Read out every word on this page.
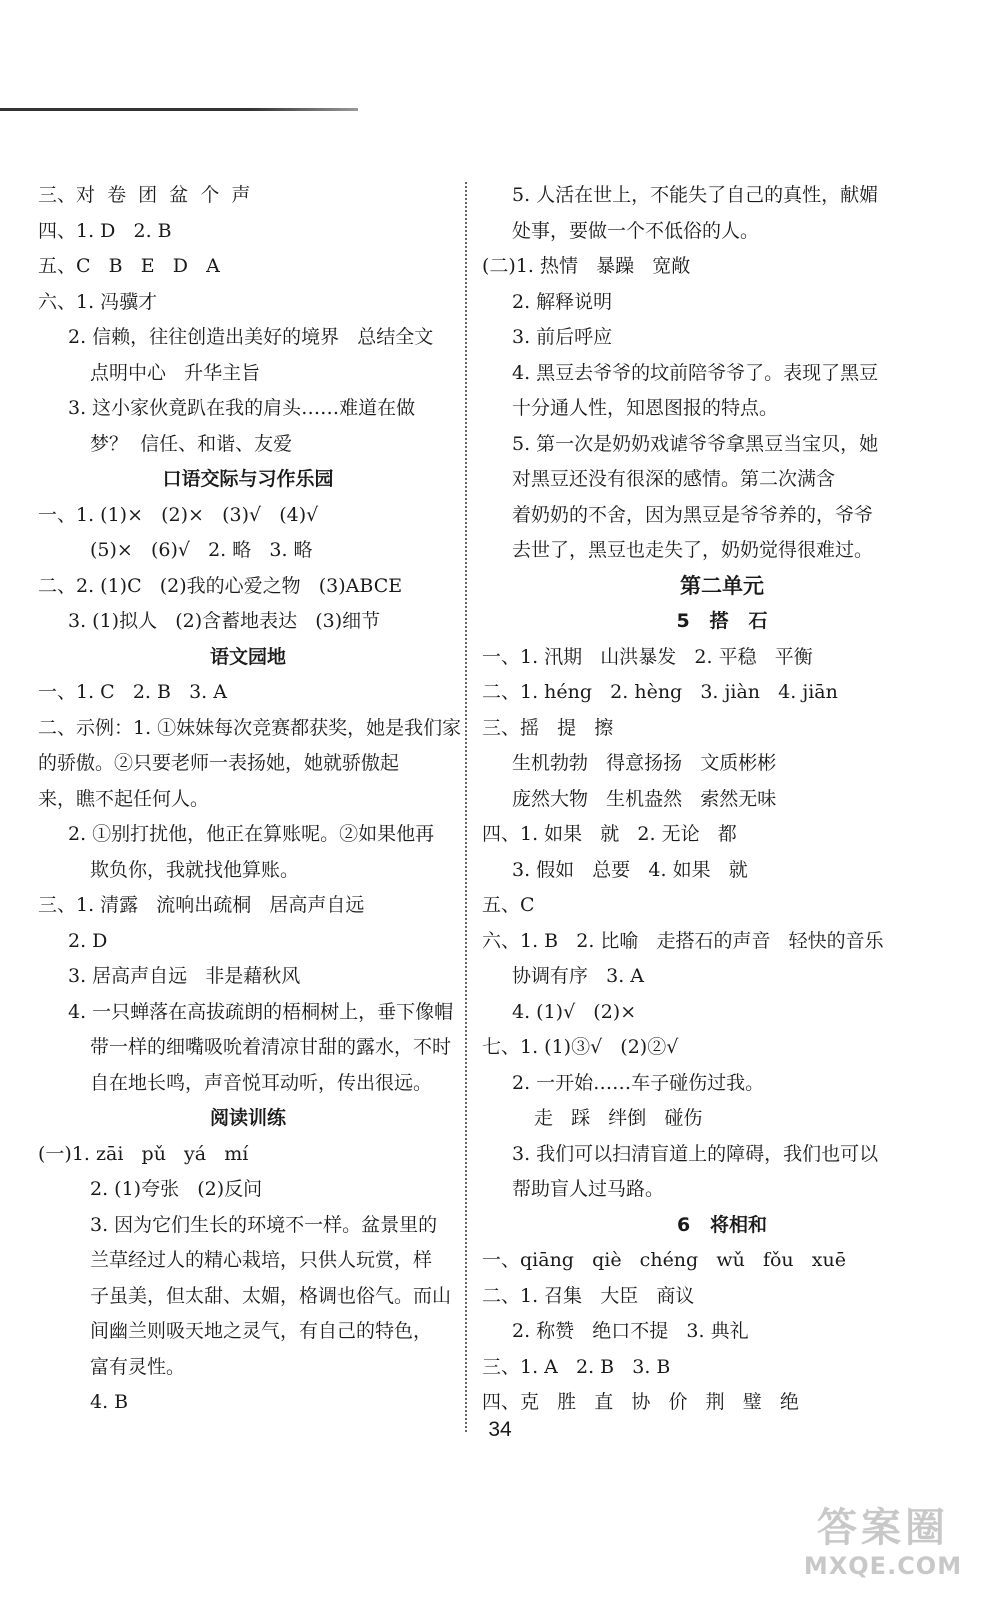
三、对  卷  团  盆  个  声
四、1. D   2. B
五、C   B   E   D   A
六、1. 冯骥才
2. 信赖，往往创造出美好的境界   总结全文
点明中心   升华主旨
3. 这小家伙竟趴在我的肩头……难道在做
梦？  信任、和谐、友爱
口语交际与习作乐园
一、1. (1)×   (2)×   (3)√   (4)√
(5)×   (6)√   2. 略   3. 略
二、2. (1)C   (2)我的心爱之物   (3)ABCE
3. (1)拟人   (2)含蓄地表达   (3)细节
语文园地
一、1. C   2. B   3. A
二、示例：1. ①妹妹每次竞赛都获奖，她是我们家
的骄傲。②只要老师一表扬她，她就骄傲起
来，瞧不起任何人。
2. ①别打扰他，他正在算账呢。②如果他再
欺负你，我就找他算账。
三、1. 清露   流响出疏桐   居高声自远
2. D
3. 居高声自远   非是藉秋风
4. 一只蝉落在高拔疏朗的梧桐树上，垂下像帽
带一样的细嘴吸吮着清凉甘甜的露水，不时
自在地长鸣，声音悦耳动听，传出很远。
阅读训练
(一)1. zāi   pǔ   yá   mí
2. (1)夸张   (2)反问
3. 因为它们生长的环境不一样。盆景里的
兰草经过人的精心栽培，只供人玩赏，样
子虽美，但太甜、太媚，格调也俗气。而山
间幽兰则吸天地之灵气，有自己的特色，
富有灵性。
4. B
5. 人活在世上，不能失了自己的真性，献媚
处事，要做一个不低俗的人。
(二)1. 热情   暴躁   宽敞
2. 解释说明
3. 前后呼应
4. 黑豆去爷爷的坟前陪爷爷了。表现了黑豆
十分通人性，知恩图报的特点。
5. 第一次是奶奶戏谑爷爷拿黑豆当宝贝，她
对黑豆还没有很深的感情。第二次满含
着奶奶的不舍，因为黑豆是爷爷养的，爷爷
去世了，黑豆也走失了，奶奶觉得很难过。
第二单元
5   搭   石
一、1. 汛期   山洪暴发   2. 平稳   平衡
二、1. héng   2. hèng   3. jiàn   4. jiān
三、摇   提   擦
生机勃勃   得意扬扬   文质彬彬
庞然大物   生机盎然   索然无味
四、1. 如果   就   2. 无论   都
3. 假如   总要   4. 如果   就
五、C
六、1. B   2. 比喻   走搭石的声音   轻快的音乐
协调有序   3. A
4. (1)√   (2)×
七、1. (1)③√   (2)②√
2. 一开始……车子碰伤过我。
走   踩   绊倒   碰伤
3. 我们可以扫清盲道上的障碍，我们也可以
帮助盲人过马路。
6   将相和
一、qiāng   qiè   chéng   wǔ   fǒu   xuē
二、1. 召集   大臣   商议
2. 称赞   绝口不提   3. 典礼
三、1. A   2. B   3. B
四、克   胜   直   协   价   荆   璧   绝
34
答案圈
MXQE.COM
